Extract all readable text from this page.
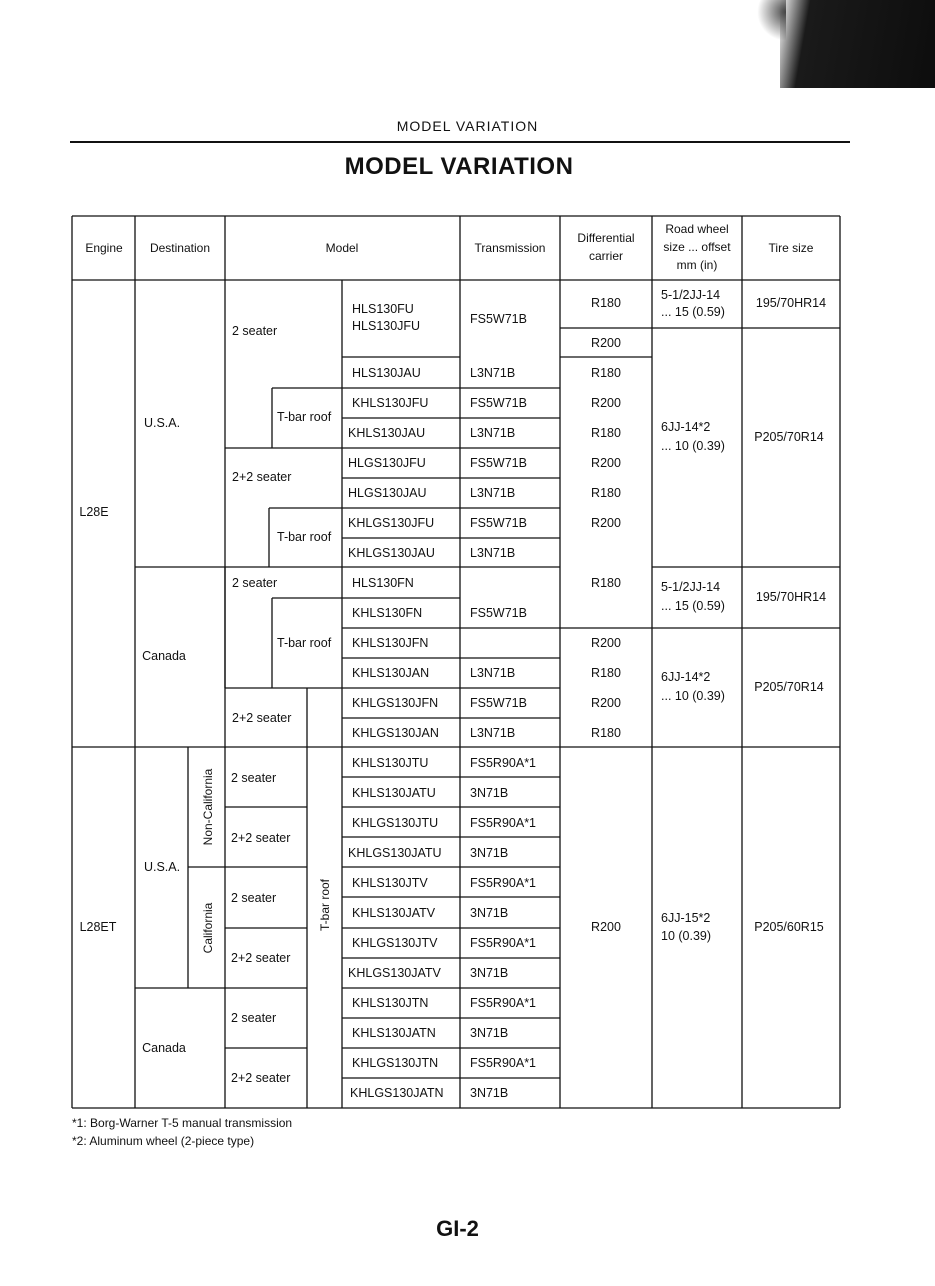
MODEL VARIATION
MODEL VARIATION
Engine Destination	Model	Transmission
Differential
carrier
Road wheel
size ... offset
mm (in)
Tire size
L28E
L28ET
U.S.A.
Canada
U.S.A.
Canada
Non-California
California
2 seater
T-bar roof
2+2 seater
T-bar roof
2 seater
T-bar roof
2+2 seater
2 seater
2+2 seater
2 seater
2+2 seater
2 seater
2+2 seater
T-bar roof
HLS130FU
HLS130JFU
HLS130JAU
KHLS130JFU
KHLS130JAU
HLGS130JFU
HLGS130JAU
KHLGS130JFU
KHLGS130JAU
HLS130FN
KHLS130FN
KHLS130JFN
KHLS130JAN
KHLGS130JFN
KHLGS130JAN
KHLS130JTU
KHLS130JATU
KHLGS130JTU
KHLGS130JATU
KHLS130JTV
KHLS130JATV
KHLGS130JTV
KHLGS130JATV
KHLS130JTN
KHLS130JATN
KHLGS130JTN
KHLGS130JATN
FS5W71B
L3N71B
FS5W71B
L3N71B
FS5W71B
L3N71B
FS5W71B
L3N71B
FS5W71B
L3N71B
FS5W71B
L3N71B
FS5R90A*1
3N71B
FS5R90A*1
3N71B
FS5R90A*1
3N71B
FS5R90A*1
3N71B
FS5R90A*1
3N71B
FS5R90A*1
3N71B
R180
R200
R180
R200
R180
R200
R180
R200
R180
R200
R180
R200
R180
R200
5-1/2JJ-14
... 15 (0.59)
6JJ-14*2
... 10 (0.39)
5-1/2JJ-14
... 15 (0.59)
6JJ-14*2
... 10 (0.39)
6JJ-15*2
10 (0.39)
195/70HR14
P205/70R14
195/70HR14
P205/70R14
P205/60R15
*1: Borg-Warner T-5 manual transmission
*2: Aluminum wheel (2-piece type)
GI-2
